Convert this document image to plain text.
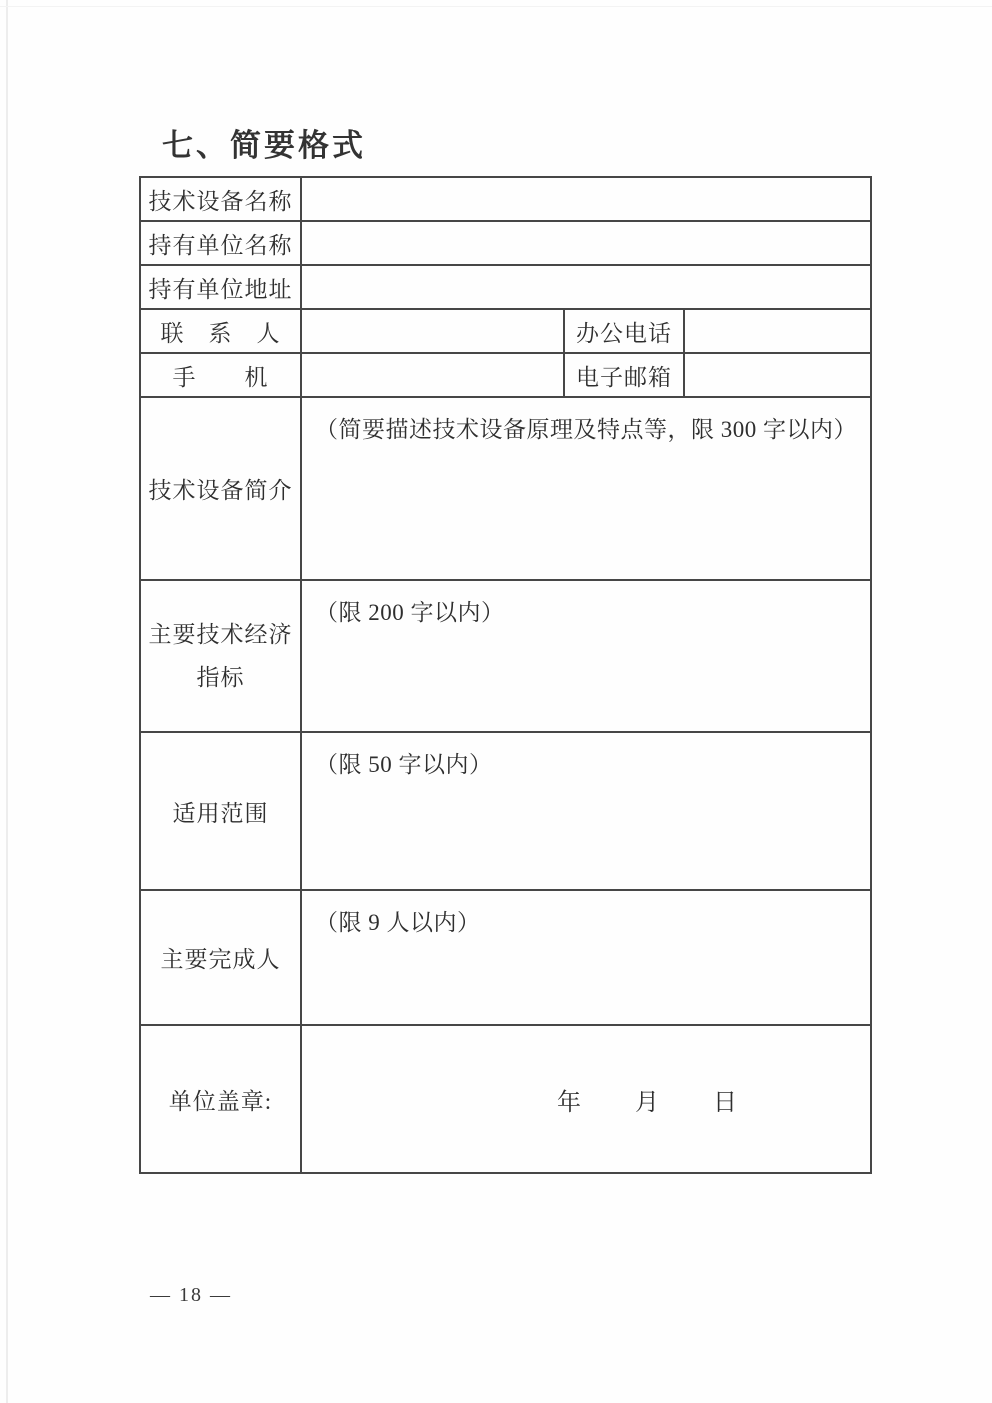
七、简要格式
技术设备名称			
持有单位名称			
持有单位地址			
联　系　人		办公电话	
手　　机		电子邮箱	
技术设备简介	（简要描述技术设备原理及特点等，限 300 字以内）		

主要技术经济
指标	（限 200 字以内）		

适用范围	（限 50 字以内）		

主要完成人	（限 9 人以内）		

单位盖章:	年　　月　　日		
— 18 —
